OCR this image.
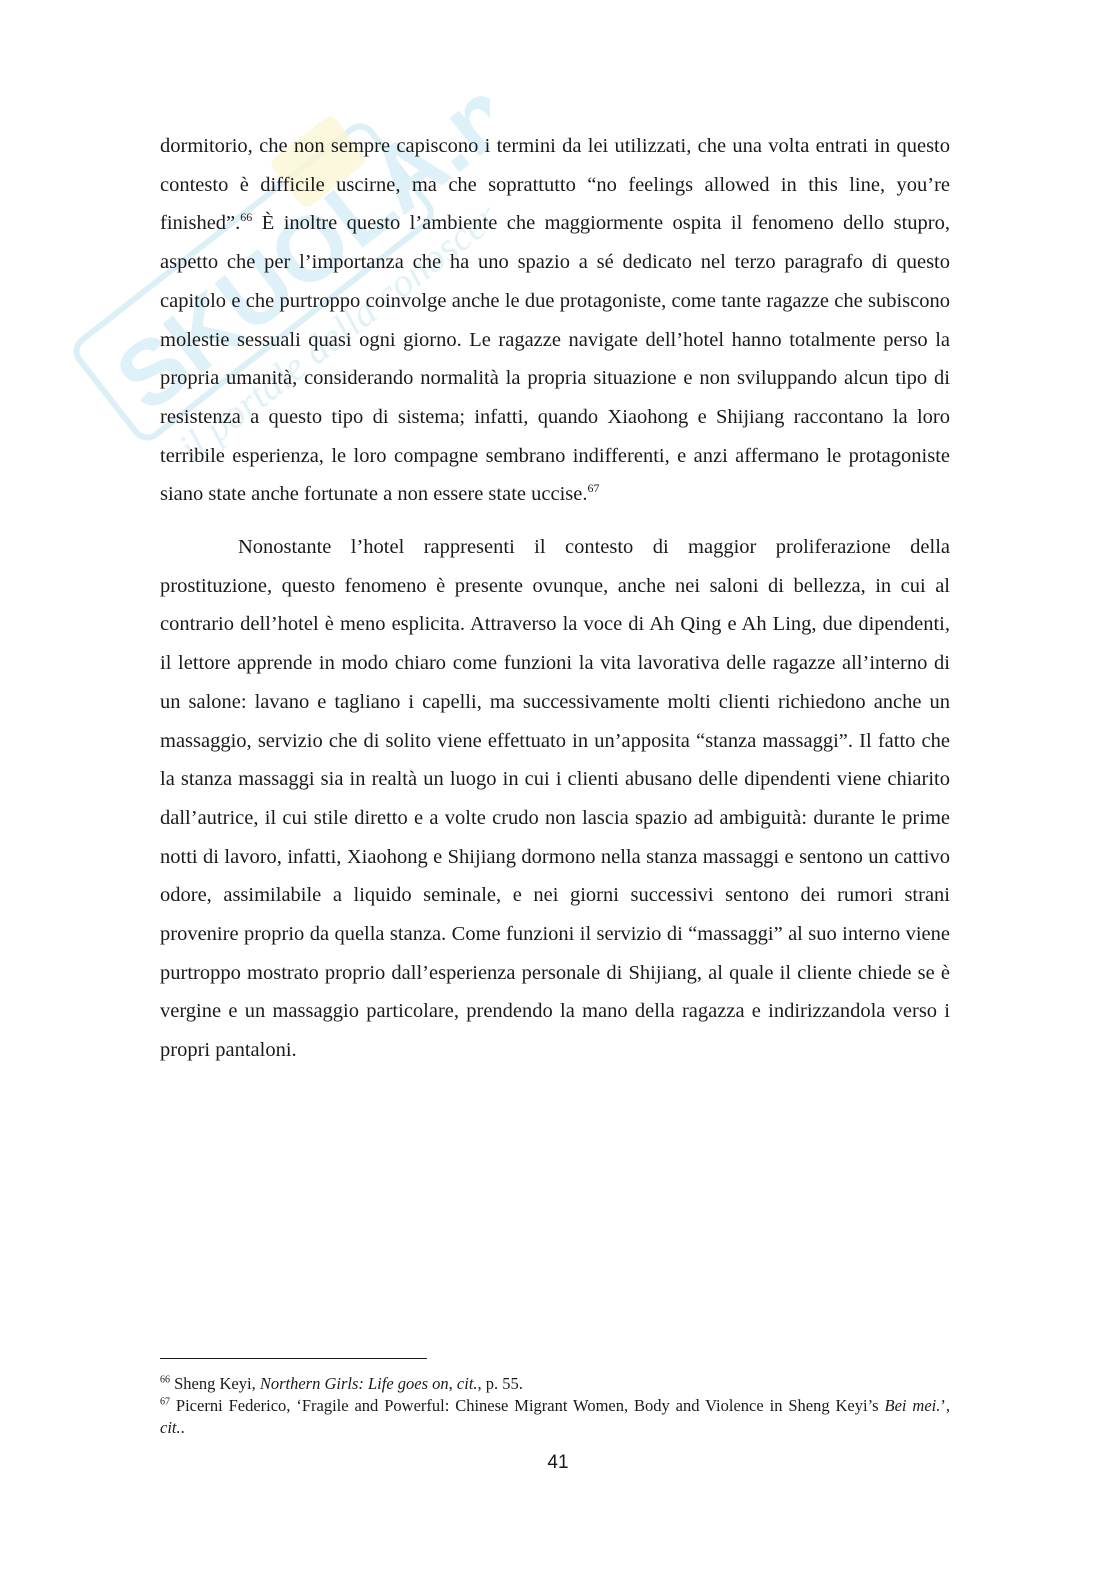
SKUOLA.net
il portale della conoscenza

dormitorio, che non sempre capiscono i termini da lei utilizzati, che una volta entrati in questo contesto è difficile uscirne, ma che soprattutto “no feelings allowed in this line, you’re finished”.$^{66}$ È inoltre questo l’ambiente che maggiormente ospita il fenomeno dello stupro, aspetto che per l’importanza che ha uno spazio a sé dedicato nel terzo paragrafo di questo capitolo e che purtroppo coinvolge anche le due protagoniste, come tante ragazze che subiscono molestie sessuali quasi ogni giorno. Le ragazze navigate dell’hotel hanno totalmente perso la propria umanità, considerando normalità la propria situazione e non sviluppando alcun tipo di resistenza a questo tipo di sistema; infatti, quando Xiaohong e Shijiang raccontano la loro terribile esperienza, le loro compagne sembrano indifferenti, e anzi affermano le protagoniste siano state anche fortunate a non essere state uccise.$^{67}$

Nonostante l’hotel rappresenti il contesto di maggior proliferazione della prostituzione, questo fenomeno è presente ovunque, anche nei saloni di bellezza, in cui al contrario dell’hotel è meno esplicita. Attraverso la voce di Ah Qing e Ah Ling, due dipendenti, il lettore apprende in modo chiaro come funzioni la vita lavorativa delle ragazze all’interno di un salone: lavano e tagliano i capelli, ma successivamente molti clienti richiedono anche un massaggio, servizio che di solito viene effettuato in un’apposita “stanza massaggi”. Il fatto che la stanza massaggi sia in realtà un luogo in cui i clienti abusano delle dipendenti viene chiarito dall’autrice, il cui stile diretto e a volte crudo non lascia spazio ad ambiguità: durante le prime notti di lavoro, infatti, Xiaohong e Shijiang dormono nella stanza massaggi e sentono un cattivo odore, assimilabile a liquido seminale, e nei giorni successivi sentono dei rumori strani provenire proprio da quella stanza. Come funzioni il servizio di “massaggi” al suo interno viene purtroppo mostrato proprio dall’esperienza personale di Shijiang, al quale il cliente chiede se è vergine e un massaggio particolare, prendendo la mano della ragazza e indirizzandola verso i propri pantaloni.

$^{66}$ Sheng Keyi, Northern Girls: Life goes on, cit., p. 55.

$^{67}$ Picerni Federico, ‘Fragile and Powerful: Chinese Migrant Women, Body and Violence in Sheng Keyi’s Bei mei.’, cit..

41
